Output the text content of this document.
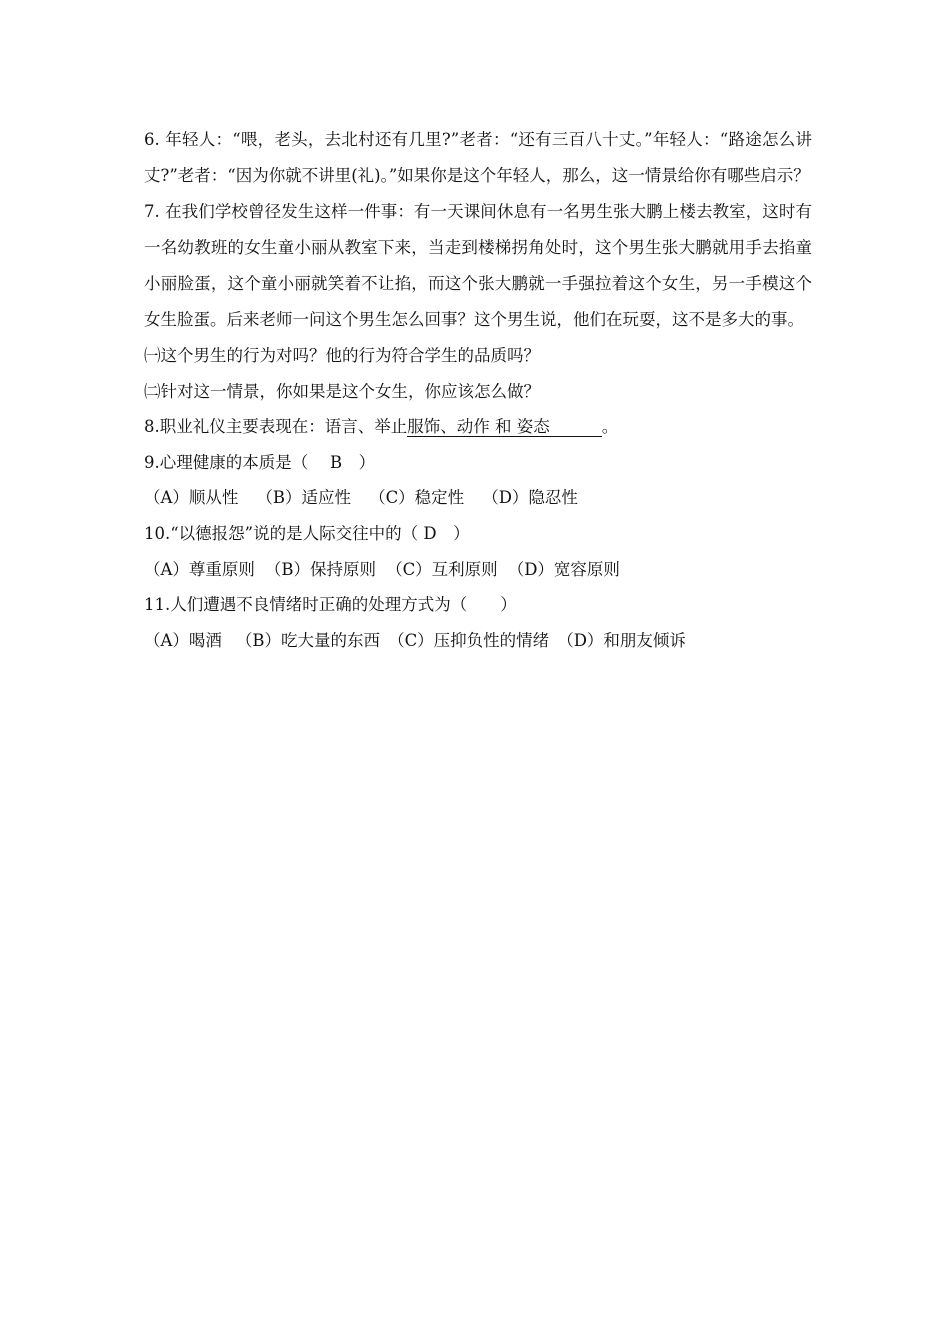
6. 年轻人：“喂，老头，去北村还有几里?”老者：“还有三百八十丈。”年轻人：“路途怎么讲丈?”老者：“因为你就不讲里(礼)。”如果你是这个年轻人，那么，这一情景给你有哪些启示？

7. 在我们学校曾径发生这样一件事：有一天课间休息有一名男生张大鹏上楼去教室，这时有一名幼教班的女生童小丽从教室下来，当走到楼梯拐角处时，这个男生张大鹏就用手去掐童小丽脸蛋，这个童小丽就笑着不让掐，而这个张大鹏就一手强拉着这个女生，另一手模这个女生脸蛋。后来老师一问这个男生怎么回事？这个男生说，他们在玩耍，这不是多大的事。

㈠这个男生的行为对吗？他的行为符合学生的品质吗？

㈡针对这一情景，你如果是这个女生，你应该怎么做？

8.职业礼仪主要表现在：语言、举止服饰、动作 和 姿态	。

9.心理健康的本质是（　 B　）

（A）顺从性 （B）适应性 （C）稳定性 （D）隐忍性

10.“以德报怨”说的是人际交往中的（ D　）

（A）尊重原则 （B）保持原则 （C）互利原则 （D）宽容原则

11.人们遭遇不良情绪时正确的处理方式为（　　）

（A）喝酒 （B）吃大量的东西 （C）压抑负性的情绪 （D）和朋友倾诉
